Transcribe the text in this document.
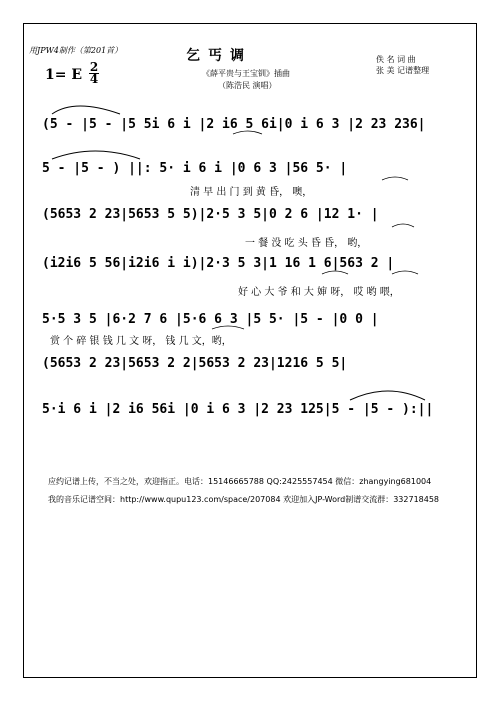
用JPW4制作（第201首）	乞丐调
《薛平贵与王宝钏》插曲
（陈浩民 演唱）
佚 名 词 曲
张 美 记谱整理
1= E 2
4
(5 - |5 - |5 5i 6 i |2 i6 5 6i|0 i 6 3 |2 23 236|
5 - |5 - ) ||: 5· i 6 i |0 6 3 |56 5· |
清 早 出 门 到 黄 昏， 噢，
(5653 2 23|5653 5 5)|2·5 3 5|0 2 6 |12 1· |
一 餐 没 吃 头 昏 昏， 哟，
(i2i6 5 56|i2i6 i i)|2·3 5 3|1 16 1 6|563 2 |
好 心 大 爷 和 大 婶 呀， 哎 哟 喂，
5·5 3 5 |6·2 7 6 |5·6 6 3 |5 5· |5 - |0 0 |
赏 个 碎 银 钱 几 文 呀， 钱 几 文，哟，
(5653 2 23|5653 2 2|5653 2 23|1216 5 5|
5·i 6 i |2 i6 56i |0 i 6 3 |2 23 125|5 - |5 - ):||
应约记谱上传，不当之处，欢迎指正。电话：15146665788 QQ:2425557454 微信：zhangying681004
我的音乐记谱空间：http://www.qupu123.com/space/207084 欢迎加入JP-Word制谱交流群：332718458
